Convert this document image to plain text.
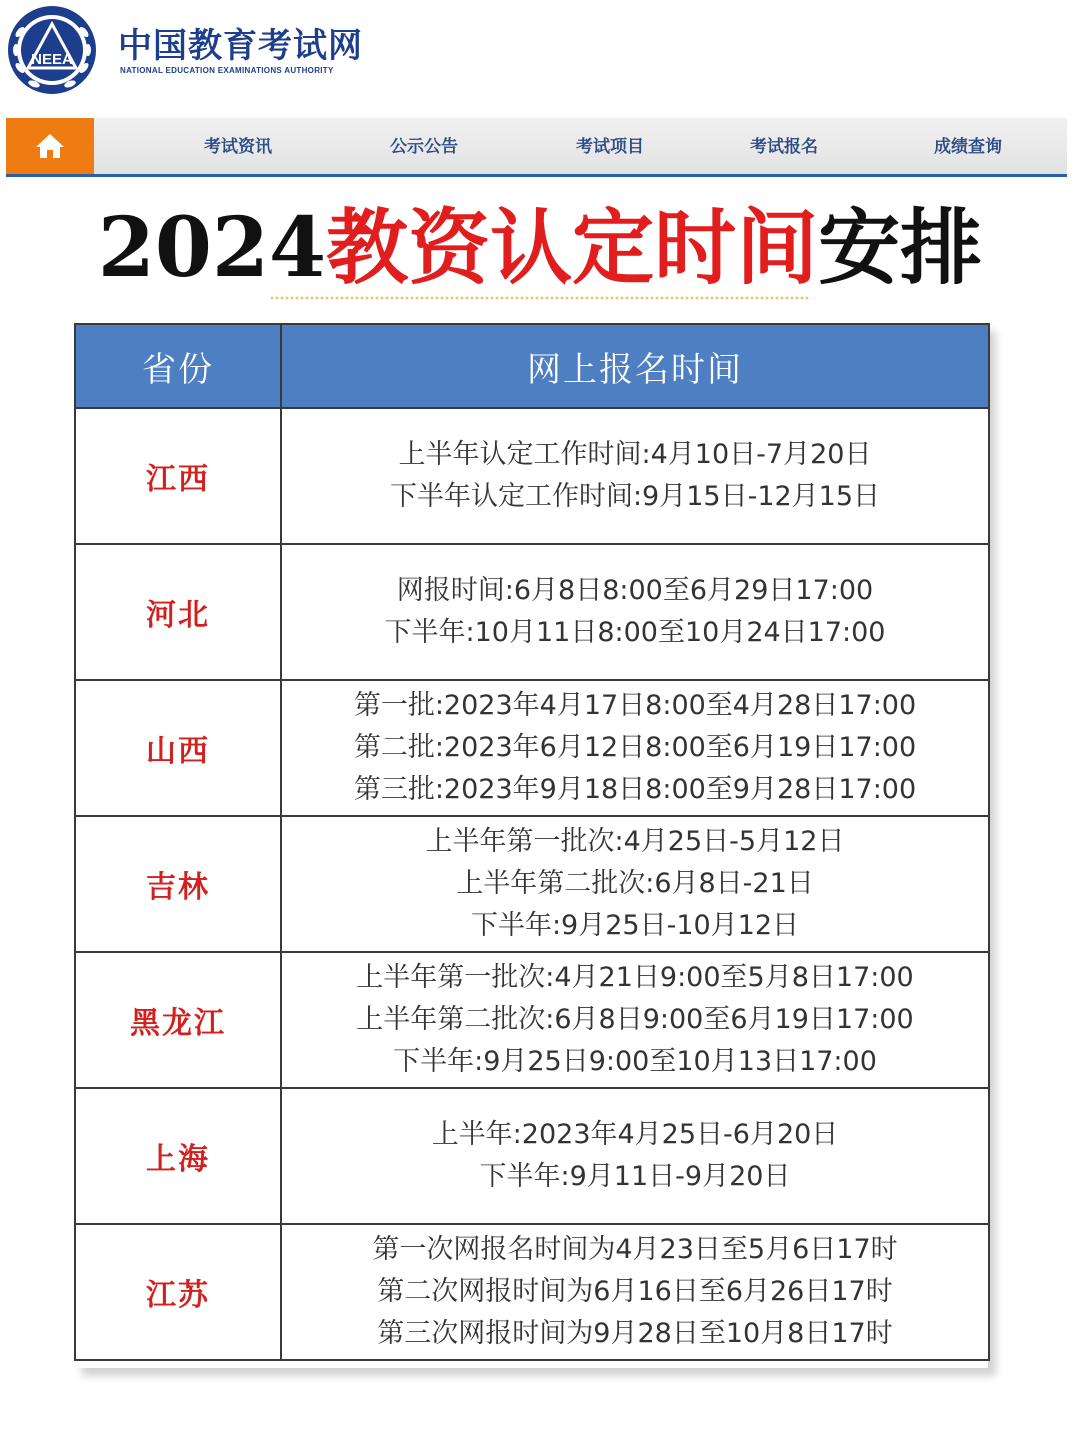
NEEA 中国教育考试网
NATIONAL EDUCATION EXAMINATIONS AUTHORITY
考试资讯	公示公告	考试项目	考试报名	成绩查询
2024教资认定时间安排
省份	网上报名时间
江西	上半年认定工作时间:4月10日-7月20日
下半年认定工作时间:9月15日-12月15日

河北	网报时间:6月8日8:00至6月29日17:00
下半年:10月11日8:00至10月24日17:00

山西	第一批:2023年4月17日8:00至4月28日17:00
第二批:2023年6月12日8:00至6月19日17:00
第三批:2023年9月18日8:00至9月28日17:00

吉林	上半年第一批次:4月25日-5月12日
上半年第二批次:6月8日-21日
下半年:9月25日-10月12日

黑龙江	上半年第一批次:4月21日9:00至5月8日17:00
上半年第二批次:6月8日9:00至6月19日17:00
下半年:9月25日9:00至10月13日17:00

上海	上半年:2023年4月25日-6月20日
下半年:9月11日-9月20日

江苏	第一次网报名时间为4月23日至5月6日17时
第二次网报时间为6月16日至6月26日17时
第三次网报时间为9月28日至10月8日17时
